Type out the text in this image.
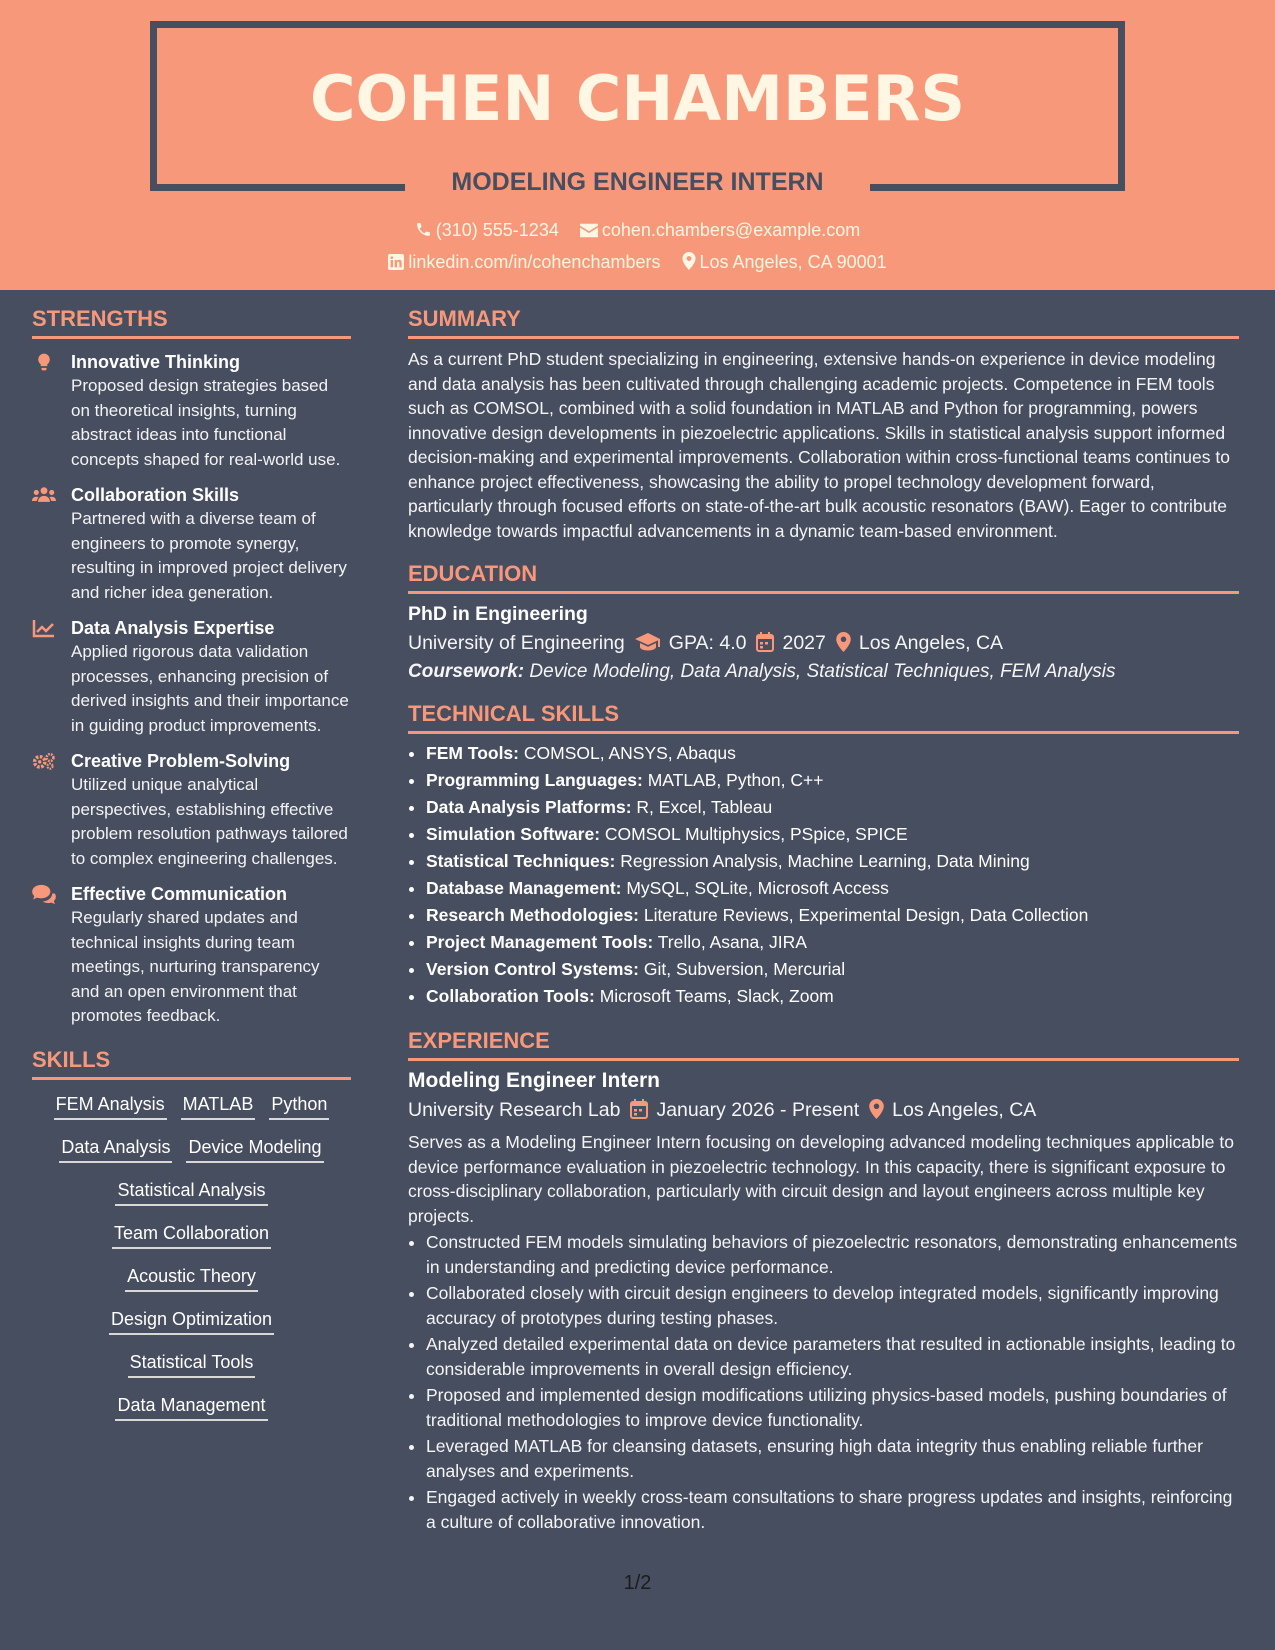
COHEN CHAMBERS
MODELING ENGINEER INTERN
(310) 555-1234 cohen.chambers@example.com
linkedin.com/in/cohenchambers Los Angeles, CA 90001
STRENGTHS
Innovative Thinking
Proposed design strategies based on theoretical insights, turning abstract ideas into functional concepts shaped for real-world use.
Collaboration Skills
Partnered with a diverse team of engineers to promote synergy, resulting in improved project delivery and richer idea generation.
Data Analysis Expertise
Applied rigorous data validation processes, enhancing precision of derived insights and their importance in guiding product improvements.
Creative Problem-Solving
Utilized unique analytical perspectives, establishing effective problem resolution pathways tailored to complex engineering challenges.
Effective Communication
Regularly shared updates and technical insights during team meetings, nurturing transparency and an open environment that promotes feedback.
SKILLS
FEM Analysis MATLAB Python
Data Analysis Device Modeling
Statistical Analysis
Team Collaboration
Acoustic Theory
Design Optimization
Statistical Tools
Data Management
SUMMARY
As a current PhD student specializing in engineering, extensive hands-on experience in device modeling and data analysis has been cultivated through challenging academic projects. Competence in FEM tools such as COMSOL, combined with a solid foundation in MATLAB and Python for programming, powers innovative design developments in piezoelectric applications. Skills in statistical analysis support informed decision-making and experimental improvements. Collaboration within cross-functional teams continues to enhance project effectiveness, showcasing the ability to propel technology development forward, particularly through focused efforts on state-of-the-art bulk acoustic resonators (BAW). Eager to contribute knowledge towards impactful advancements in a dynamic team-based environment.
EDUCATION
PhD in Engineering
University of Engineering GPA: 4.0 2027 Los Angeles, CA
Coursework: Device Modeling, Data Analysis, Statistical Techniques, FEM Analysis
TECHNICAL SKILLS
• FEM Tools: COMSOL, ANSYS, Abaqus
• Programming Languages: MATLAB, Python, C++
• Data Analysis Platforms: R, Excel, Tableau
• Simulation Software: COMSOL Multiphysics, PSpice, SPICE
• Statistical Techniques: Regression Analysis, Machine Learning, Data Mining
• Database Management: MySQL, SQLite, Microsoft Access
• Research Methodologies: Literature Reviews, Experimental Design, Data Collection
• Project Management Tools: Trello, Asana, JIRA
• Version Control Systems: Git, Subversion, Mercurial
• Collaboration Tools: Microsoft Teams, Slack, Zoom
EXPERIENCE
Modeling Engineer Intern
University Research Lab January 2026 - Present Los Angeles, CA
Serves as a Modeling Engineer Intern focusing on developing advanced modeling techniques applicable to device performance evaluation in piezoelectric technology. In this capacity, there is significant exposure to cross-disciplinary collaboration, particularly with circuit design and layout engineers across multiple key projects.
• Constructed FEM models simulating behaviors of piezoelectric resonators, demonstrating enhancements in understanding and predicting device performance.
• Collaborated closely with circuit design engineers to develop integrated models, significantly improving accuracy of prototypes during testing phases.
• Analyzed detailed experimental data on device parameters that resulted in actionable insights, leading to considerable improvements in overall design efficiency.
• Proposed and implemented design modifications utilizing physics-based models, pushing boundaries of traditional methodologies to improve device functionality.
• Leveraged MATLAB for cleansing datasets, ensuring high data integrity thus enabling reliable further analyses and experiments.
• Engaged actively in weekly cross-team consultations to share progress updates and insights, reinforcing a culture of collaborative innovation.
1/2
